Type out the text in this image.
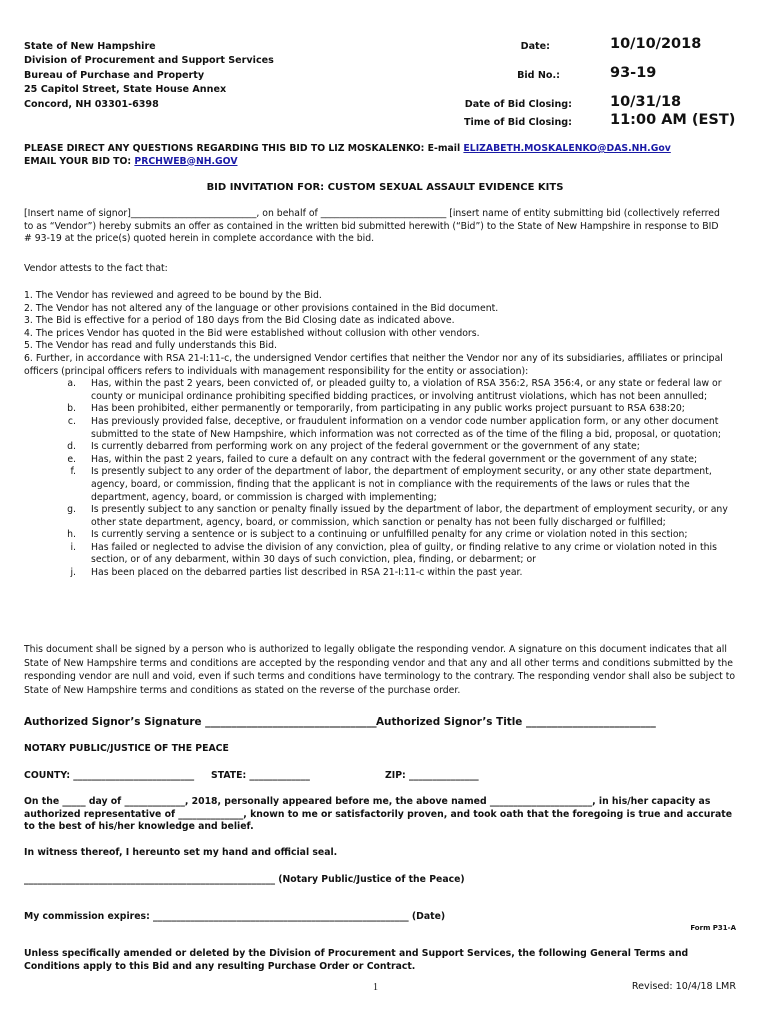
State of New Hampshire
Division of Procurement and Support Services
Bureau of Purchase and Property
25 Capitol Street, State House Annex
Concord, NH 03301-6398
Date:	10/10/2018
Bid No.:	93-19
Date of Bid Closing:	10/31/18
Time of Bid Closing:	11:00 AM (EST)
PLEASE DIRECT ANY QUESTIONS REGARDING THIS BID TO LIZ MOSKALENKO: E-mail ELIZABETH.MOSKALENKO@DAS.NH.Gov
EMAIL YOUR BID TO: PRCHWEB@NH.GOV
BID INVITATION FOR: CUSTOM SEXUAL ASSAULT EVIDENCE KITS
[Insert name of signor]___________________________, on behalf of ___________________________ [insert name of entity submitting bid (collectively referred to as “Vendor”) hereby submits an offer as contained in the written bid submitted herewith (“Bid”) to the State of New Hampshire in response to BID # 93-19 at the price(s) quoted herein in complete accordance with the bid.
Vendor attests to the fact that:
1. The Vendor has reviewed and agreed to be bound by the Bid.
2. The Vendor has not altered any of the language or other provisions contained in the Bid document.
3. The Bid is effective for a period of 180 days from the Bid Closing date as indicated above.
4. The prices Vendor has quoted in the Bid were established without collusion with other vendors.
5. The Vendor has read and fully understands this Bid.
6. Further, in accordance with RSA 21-I:11-c, the undersigned Vendor certifies that neither the Vendor nor any of its subsidiaries, affiliates or principal officers (principal officers refers to individuals with management responsibility for the entity or association):
a. Has, within the past 2 years, been convicted of, or pleaded guilty to, a violation of RSA 356:2, RSA 356:4, or any state or federal law or county or municipal ordinance prohibiting specified bidding practices, or involving antitrust violations, which has not been annulled;
b. Has been prohibited, either permanently or temporarily, from participating in any public works project pursuant to RSA 638:20;
c. Has previously provided false, deceptive, or fraudulent information on a vendor code number application form, or any other document submitted to the state of New Hampshire, which information was not corrected as of the time of the filing a bid, proposal, or quotation;
d. Is currently debarred from performing work on any project of the federal government or the government of any state;
e. Has, within the past 2 years, failed to cure a default on any contract with the federal government or the government of any state;
f. Is presently subject to any order of the department of labor, the department of employment security, or any other state department, agency, board, or commission, finding that the applicant is not in compliance with the requirements of the laws or rules that the department, agency, board, or commission is charged with implementing;
g. Is presently subject to any sanction or penalty finally issued by the department of labor, the department of employment security, or any other state department, agency, board, or commission, which sanction or penalty has not been fully discharged or fulfilled;
h. Is currently serving a sentence or is subject to a continuing or unfulfilled penalty for any crime or violation noted in this section;
i. Has failed or neglected to advise the division of any conviction, plea of guilty, or finding relative to any crime or violation noted in this section, or of any debarment, within 30 days of such conviction, plea, finding, or debarment; or
j. Has been placed on the debarred parties list described in RSA 21-I:11-c within the past year.
This document shall be signed by a person who is authorized to legally obligate the responding vendor. A signature on this document indicates that all State of New Hampshire terms and conditions are accepted by the responding vendor and that any and all other terms and conditions submitted by the responding vendor are null and void, even if such terms and conditions have terminology to the contrary. The responding vendor shall also be subject to State of New Hampshire terms and conditions as stated on the reverse of the purchase order.
Authorized Signor’s Signature _________________________________ Authorized Signor’s Title _________________________
NOTARY PUBLIC/JUSTICE OF THE PEACE
COUNTY: __________________________ STATE: _____________	ZIP: _______________
On the _____ day of _____________, 2018, personally appeared before me, the above named ______________________, in his/her capacity as authorized representative of ______________, known to me or satisfactorily proven, and took oath that the foregoing is true and accurate to the best of his/her knowledge and belief.
In witness thereof, I hereunto set my hand and official seal.
______________________________________________________ (Notary Public/Justice of the Peace)
My commission expires: _______________________________________________________ (Date)
Form P31-A
Unless specifically amended or deleted by the Division of Procurement and Support Services, the following General Terms and Conditions apply to this Bid and any resulting Purchase Order or Contract.
1	Revised: 10/4/18 LMR
